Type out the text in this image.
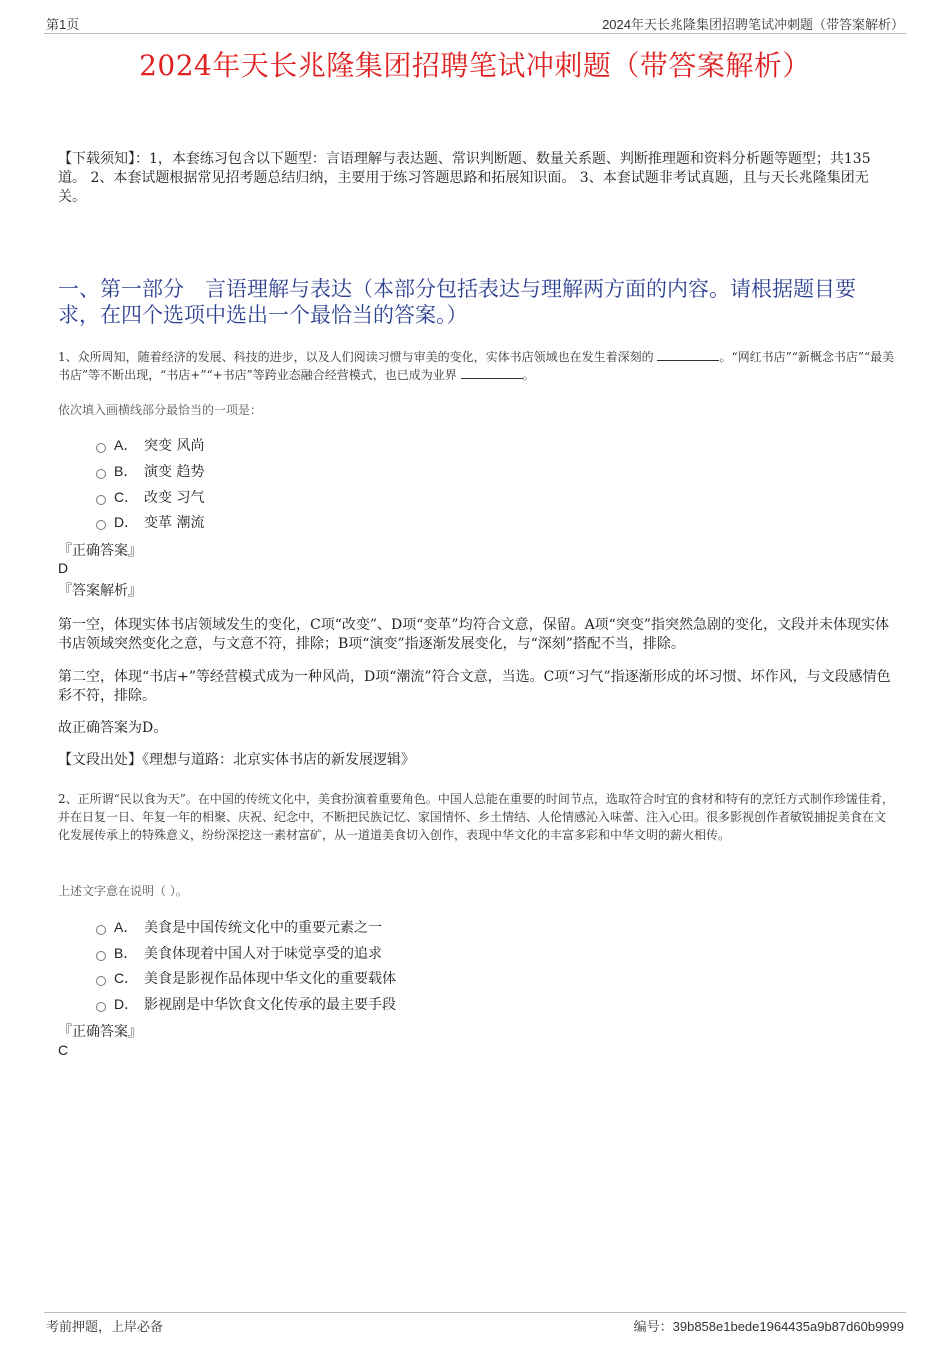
第1页	2024年天长兆隆集团招聘笔试冲刺题（带答案解析）
2024年天长兆隆集团招聘笔试冲刺题（带答案解析）
【下载须知】：1，本套练习包含以下题型：言语理解与表达题、常识判断题、数量关系题、判断推理题和资料分析题等题型；共135道。 2、本套试题根据常见招考题总结归纳，主要用于练习答题思路和拓展知识面。 3、本套试题非考试真题，且与天长兆隆集团无关。
一、第一部分　言语理解与表达（本部分包括表达与理解两方面的内容。请根据题目要求，在四个选项中选出一个最恰当的答案。）
1、众所周知，随着经济的发展、科技的进步，以及人们阅读习惯与审美的变化，实体书店领域也在发生着深刻的	。“网红书店”“新概念书店”“最美书店”等不断出现，“书店+”“+书店”等跨业态融合经营模式，也已成为业界	。
依次填入画横线部分最恰当的一项是：
A． 突变 风尚
B． 演变 趋势
C． 改变 习气
D． 变革 潮流
『正确答案』
D
『答案解析』
第一空，体现实体书店领域发生的变化，C项“改变”、D项“变革”均符合文意，保留。A项“突变”指突然急剧的变化，文段并未体现实体书店领域突然变化之意，与文意不符，排除；B项“演变”指逐渐发展变化，与“深刻”搭配不当，排除。
第二空，体现“书店+”等经营模式成为一种风尚，D项“潮流”符合文意，当选。C项“习气”指逐渐形成的坏习惯、坏作风，与文段感情色彩不符，排除。
故正确答案为D。
【文段出处】《理想与道路：北京实体书店的新发展逻辑》
2、正所谓“民以食为天”。在中国的传统文化中，美食扮演着重要角色。中国人总能在重要的时间节点，选取符合时宜的食材和特有的烹饪方式制作珍馐佳肴，并在日复一日、年复一年的相聚、庆祝、纪念中，不断把民族记忆、家国情怀、乡土情结、人伦情感沁入味蕾、注入心田。很多影视创作者敏锐捕捉美食在文化发展传承上的特殊意义，纷纷深挖这一素材富矿，从一道道美食切入创作，表现中华文化的丰富多彩和中华文明的薪火相传。
上述文字意在说明（ ）。
A． 美食是中国传统文化中的重要元素之一
B． 美食体现着中国人对于味觉享受的追求
C． 美食是影视作品体现中华文化的重要载体
D． 影视剧是中华饮食文化传承的最主要手段
『正确答案』
C
考前押题，上岸必备	编号：39b858e1bede1964435a9b87d60b9999
